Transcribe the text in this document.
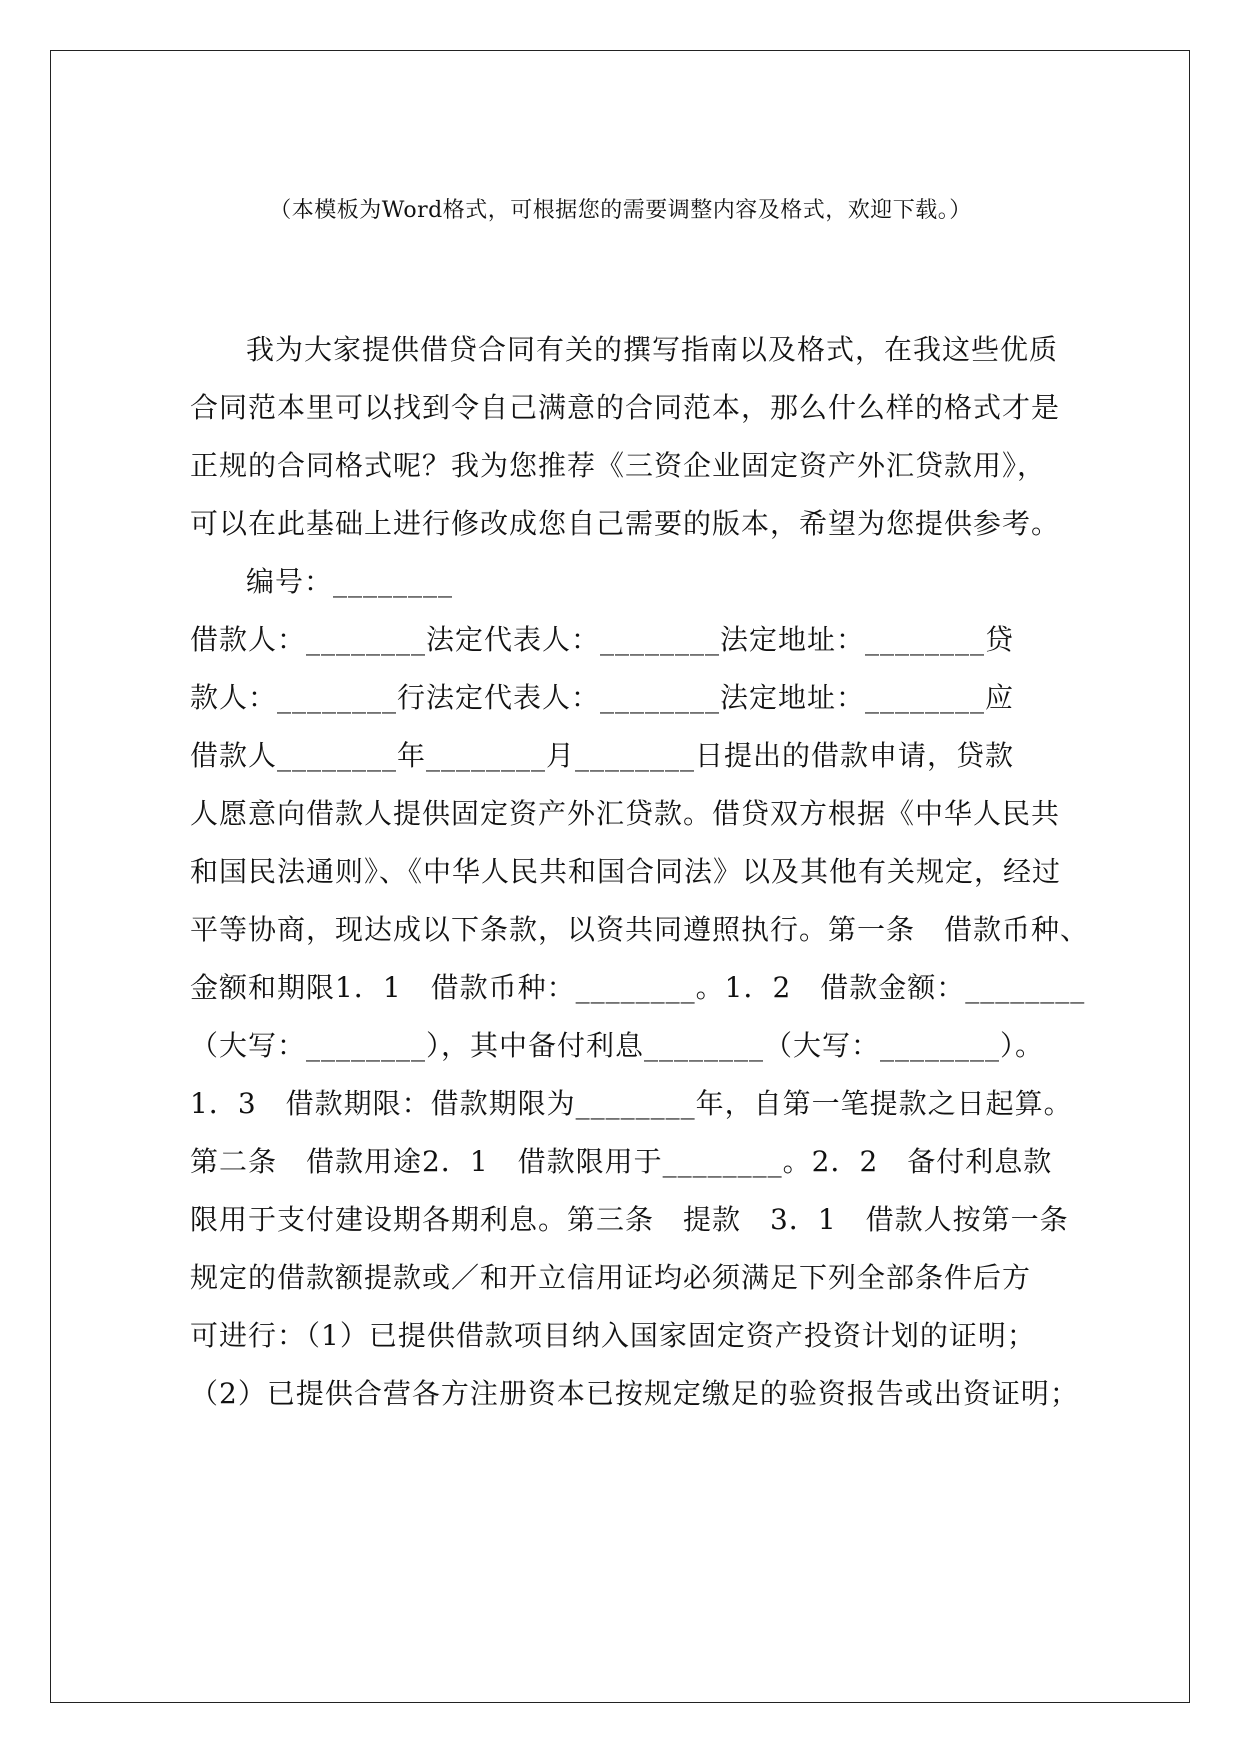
（本模板为Word格式，可根据您的需要调整内容及格式，欢迎下载。）
我为大家提供借贷合同有关的撰写指南以及格式，在我这些优质
合同范本里可以找到令自己满意的合同范本，那么什么样的格式才是
正规的合同格式呢？我为您推荐《三资企业固定资产外汇贷款用》，
可以在此基础上进行修改成您自己需要的版本，希望为您提供参考。
编号：________
借款人：________法定代表人：________法定地址：________贷
款人：________行法定代表人：________法定地址：________应
借款人________年________月________日提出的借款申请，贷款
人愿意向借款人提供固定资产外汇贷款。借贷双方根据《中华人民共
和国民法通则》、《中华人民共和国合同法》以及其他有关规定，经过
平等协商，现达成以下条款，以资共同遵照执行。第一条　借款币种、
金额和期限1．1　借款币种：________。1．2　借款金额：________
（大写：________），其中备付利息________（大写：________）。
1．3　借款期限：借款期限为________年，自第一笔提款之日起算。
第二条　借款用途2．1　借款限用于________。2．2　备付利息款
限用于支付建设期各期利息。第三条　提款　3．1　借款人按第一条
规定的借款额提款或／和开立信用证均必须满足下列全部条件后方
可进行：（1）已提供借款项目纳入国家固定资产投资计划的证明；
（2）已提供合营各方注册资本已按规定缴足的验资报告或出资证明；
